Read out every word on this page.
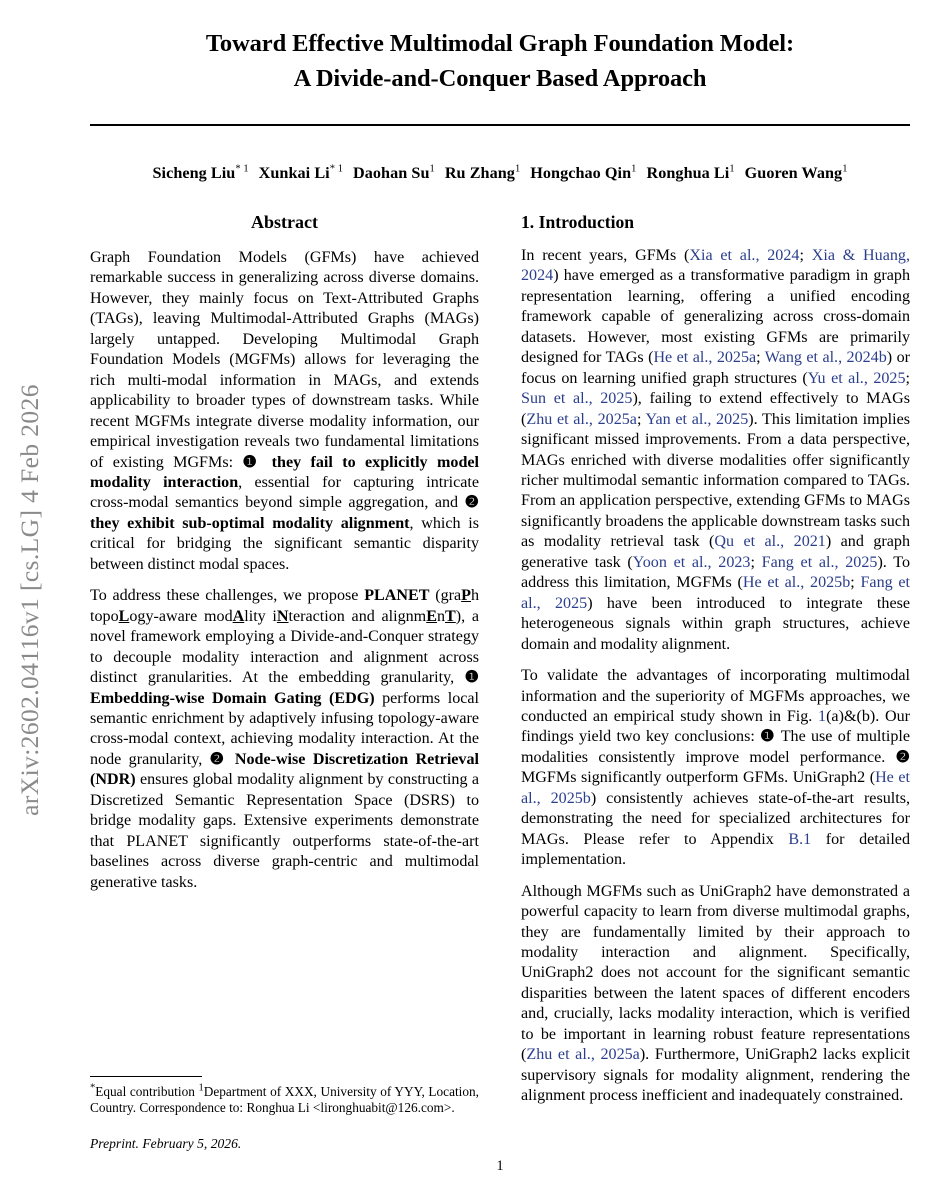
arXiv:2602.04116v1 [cs.LG] 4 Feb 2026
Toward Effective Multimodal Graph Foundation Model:
A Divide-and-Conquer Based Approach
Sicheng Liu$^{* 1}$ Xunkai Li$^{* 1}$ Daohan Su$^1$ Ru Zhang$^1$ Hongchao Qin$^1$ Ronghua Li$^1$ Guoren Wang$^1$
Abstract

Graph Foundation Models (GFMs) have achieved remarkable success in generalizing across diverse domains. However, they mainly focus on Text-Attributed Graphs (TAGs), leaving Multimodal-Attributed Graphs (MAGs) largely untapped. Developing Multimodal Graph Foundation Models (MGFMs) allows for leveraging the rich multi-modal information in MAGs, and extends applicability to broader types of downstream tasks. While recent MGFMs integrate diverse modality information, our empirical investigation reveals two fundamental limitations of existing MGFMs: ❶ they fail to explicitly model modality interaction, essential for capturing intricate cross-modal semantics beyond simple aggregation, and ❷ they exhibit sub-optimal modality alignment, which is critical for bridging the significant semantic disparity between distinct modal spaces.

To address these challenges, we propose PLANET (graPh topoLogy-aware modAlity iNteraction and alignmEnT), a novel framework employing a Divide-and-Conquer strategy to decouple modality interaction and alignment across distinct granularities. At the embedding granularity, ❶ Embedding-wise Domain Gating (EDG) performs local semantic enrichment by adaptively infusing topology-aware cross-modal context, achieving modality interaction. At the node granularity, ❷ Node-wise Discretization Retrieval (NDR) ensures global modality alignment by constructing a Discretized Semantic Representation Space (DSRS) to bridge modality gaps. Extensive experiments demonstrate that PLANET significantly outperforms state-of-the-art baselines across diverse graph-centric and multimodal generative tasks.

*Equal contribution $^1$Department of XXX, University of YYY, Location, Country. Correspondence to: Ronghua Li <lironghuabit@126.com>.

Preprint. February 5, 2026.

1. Introduction

In recent years, GFMs (Xia et al., 2024; Xia & Huang, 2024) have emerged as a transformative paradigm in graph representation learning, offering a unified encoding framework capable of generalizing across cross-domain datasets. However, most existing GFMs are primarily designed for TAGs (He et al., 2025a; Wang et al., 2024b) or focus on learning unified graph structures (Yu et al., 2025; Sun et al., 2025), failing to extend effectively to MAGs (Zhu et al., 2025a; Yan et al., 2025). This limitation implies significant missed improvements. From a data perspective, MAGs enriched with diverse modalities offer significantly richer multimodal semantic information compared to TAGs. From an application perspective, extending GFMs to MAGs significantly broadens the applicable downstream tasks such as modality retrieval task (Qu et al., 2021) and graph generative task (Yoon et al., 2023; Fang et al., 2025). To address this limitation, MGFMs (He et al., 2025b; Fang et al., 2025) have been introduced to integrate these heterogeneous signals within graph structures, achieve domain and modality alignment.

To validate the advantages of incorporating multimodal information and the superiority of MGFMs approaches, we conducted an empirical study shown in Fig. 1(a)&(b). Our findings yield two key conclusions: ❶ The use of multiple modalities consistently improve model performance. ❷ MGFMs significantly outperform GFMs. UniGraph2 (He et al., 2025b) consistently achieves state-of-the-art results, demonstrating the need for specialized architectures for MAGs. Please refer to Appendix B.1 for detailed implementation.

Although MGFMs such as UniGraph2 have demonstrated a powerful capacity to learn from diverse multimodal graphs, they are fundamentally limited by their approach to modality interaction and alignment. Specifically, UniGraph2 does not account for the significant semantic disparities between the latent spaces of different encoders and, crucially, lacks modality interaction, which is verified to be important in learning robust feature representations (Zhu et al., 2025a). Furthermore, UniGraph2 lacks explicit supervisory signals for modality alignment, rendering the alignment process inefficient and inadequately constrained.

1
